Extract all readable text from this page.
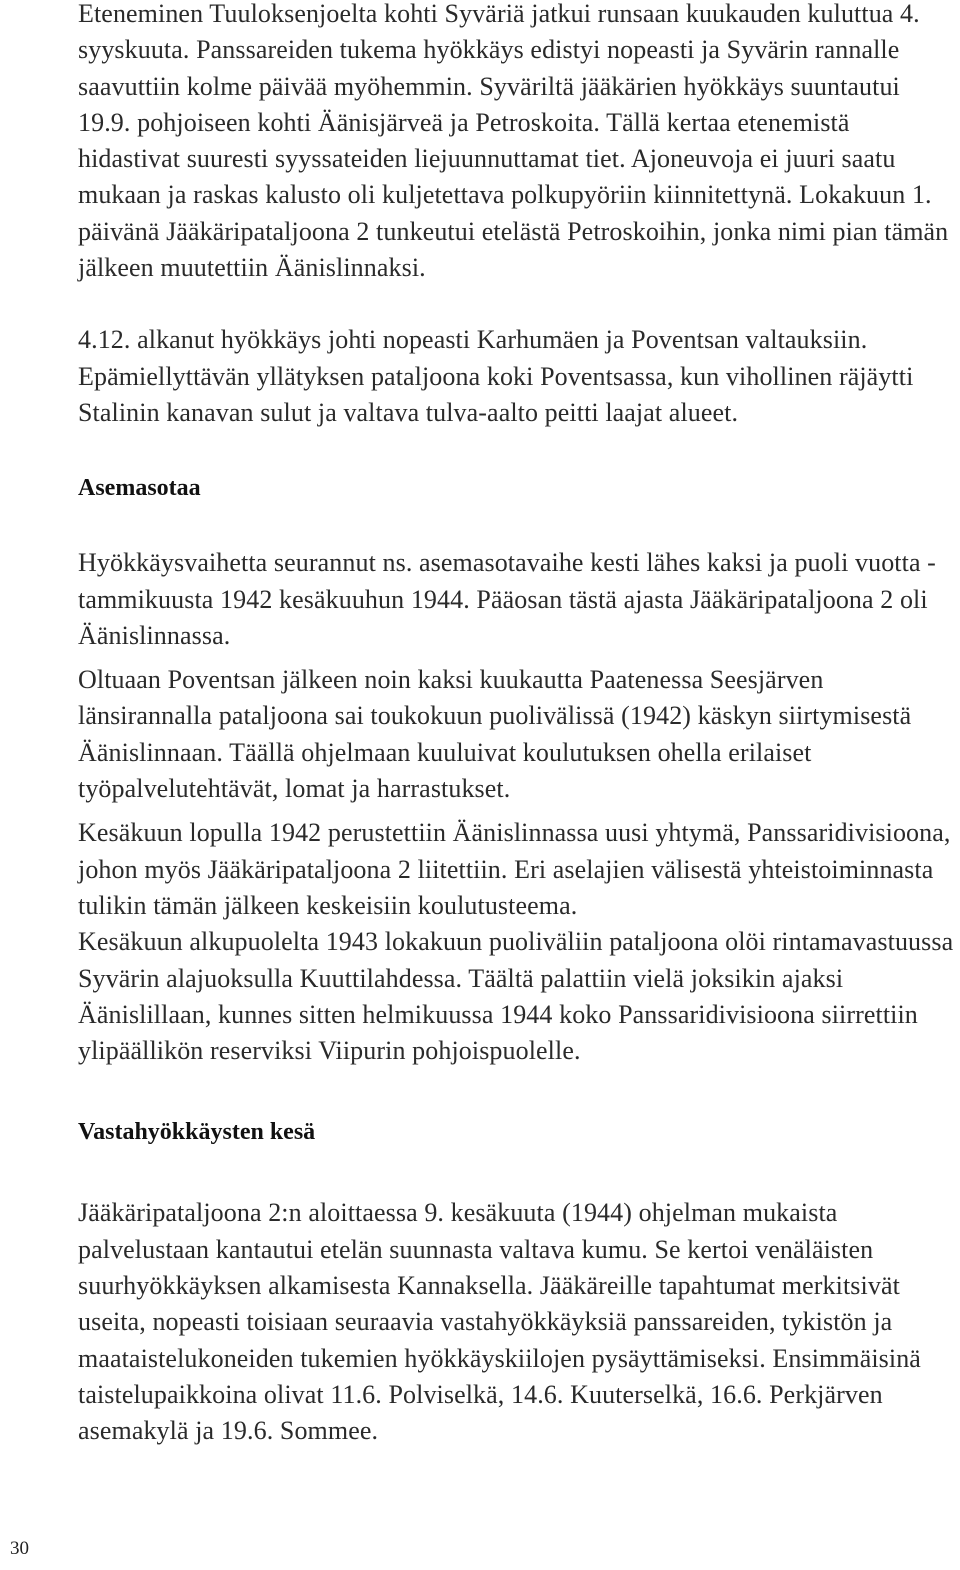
Eteneminen Tuuloksenjoelta kohti Syväriä jatkui runsaan kuukauden kuluttua 4. syyskuuta. Panssareiden tukema hyökkäys edistyi nopeasti ja Syvärin rannalle saavuttiin kolme päivää myöhemmin. Syväriltä jääkärien hyökkäys suuntautui 19.9. pohjoiseen kohti Äänisjärveä ja Petroskoita. Tällä kertaa etenemistä hidastivat suuresti syyssateiden liejuunnuttamat tiet. Ajoneuvoja ei juuri saatu mukaan ja raskas kalusto oli kuljetettava polkupyöriin kiinnitettynä. Lokakuun 1. päivänä Jääkäripataljoona 2 tunkeutui etelästä Petroskoihin, jonka nimi pian tämän jälkeen muutettiin Äänislinnaksi.

4.12. alkanut hyökkäys johti nopeasti Karhumäen ja Poventsan valtauksiin. Epämiellyttävän yllätyksen pataljoona koki Poventsassa, kun vihollinen räjäytti Stalinin kanavan sulut ja valtava tulva-aalto peitti laajat alueet.

Asemasotaa

Hyökkäysvaihetta seurannut ns. asemasotavaihe kesti lähes kaksi ja puoli vuotta - tammikuusta 1942 kesäkuuhun 1944. Pääosan tästä ajasta Jääkäripataljoona 2 oli Äänislinnassa.

Oltuaan Poventsan jälkeen noin kaksi kuukautta Paatenessa Seesjärven länsirannalla pataljoona sai toukokuun puolivälissä (1942) käskyn siirtymisestä Äänislinnaan. Täällä ohjelmaan kuuluivat koulutuksen ohella erilaiset työpalvelutehtävät, lomat ja harrastukset.

Kesäkuun lopulla 1942 perustettiin Äänislinnassa uusi yhtymä, Panssaridivisioona, johon myös Jääkäripataljoona 2 liitettiin. Eri aselajien välisestä yhteistoiminnasta tulikin tämän jälkeen keskeisiin koulutusteema.

Kesäkuun alkupuolelta 1943 lokakuun puoliväliin pataljoona olöi rintamavastuussa Syvärin alajuoksulla Kuuttilahdessa. Täältä palattiin vielä joksikin ajaksi Äänislillaan, kunnes sitten helmikuussa 1944 koko Panssaridivisioona siirrettiin ylipäällikön reserviksi Viipurin pohjoispuolelle.

Vastahyökkäysten kesä

Jääkäripataljoona 2:n aloittaessa 9. kesäkuuta (1944) ohjelman mukaista palvelustaan kantautui etelän suunnasta valtava kumu. Se kertoi venäläisten suurhyökkäyksen alkamisesta Kannaksella. Jääkäreille tapahtumat merkitsivät useita, nopeasti toisiaan seuraavia vastahyökkäyksiä panssareiden, tykistön ja maataistelukoneiden tukemien hyökkäyskiilojen pysäyttämiseksi. Ensimmäisinä taistelupaikkoina olivat 11.6. Polviselkä, 14.6. Kuuterselkä, 16.6. Perkjärven asemakylä ja 19.6. Sommee.

30
